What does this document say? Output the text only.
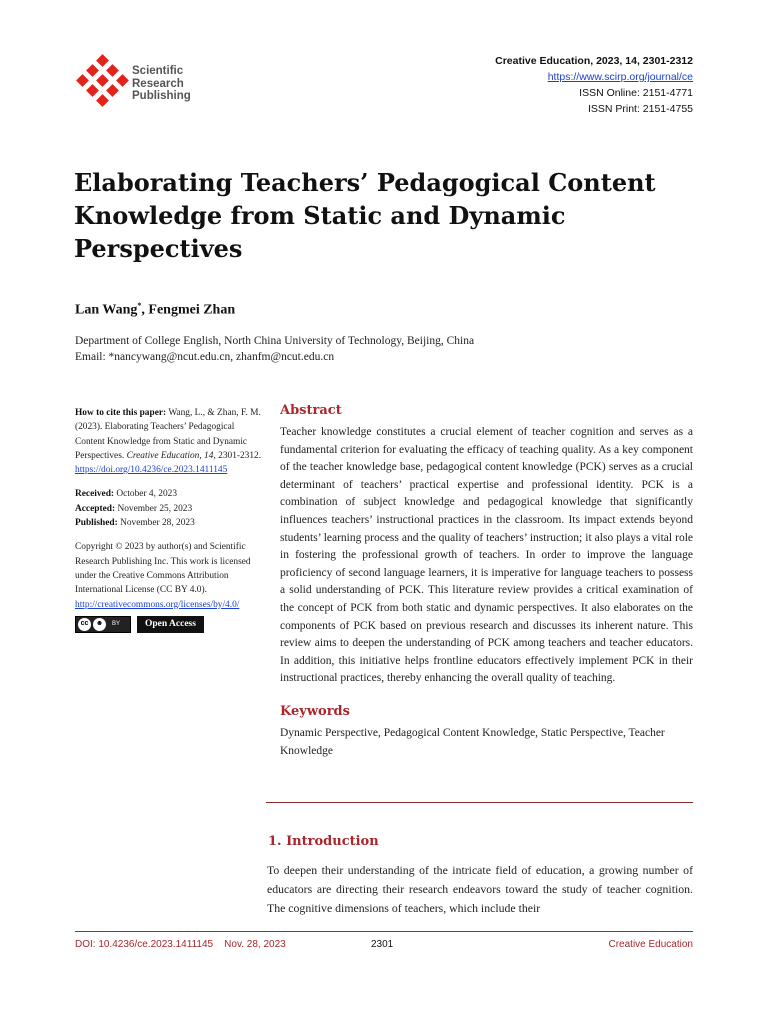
Scientific
Research
Publishing
Creative Education, 2023, 14, 2301-2312
https://www.scirp.org/journal/ce
ISSN Online: 2151-4771
ISSN Print: 2151-4755
Elaborating Teachers’ Pedagogical Content Knowledge from Static and Dynamic Perspectives
Lan Wang*, Fengmei Zhan
Department of College English, North China University of Technology, Beijing, China
Email: *nancywang@ncut.edu.cn, zhanfm@ncut.edu.cn
How to cite this paper: Wang, L., & Zhan, F. M. (2023). Elaborating Teachers’ Pedagogical Content Knowledge from Static and Dynamic Perspectives. Creative Education, 14, 2301-2312.
https://doi.org/10.4236/ce.2023.1411145
Received: October 4, 2023
Accepted: November 25, 2023
Published: November 28, 2023
Copyright © 2023 by author(s) and Scientific Research Publishing Inc. This work is licensed under the Creative Commons Attribution International License (CC BY 4.0).
http://creativecommons.org/licenses/by/4.0/
cc	☻	BY	Open Access
Abstract
Teacher knowledge constitutes a crucial element of teacher cognition and serves as a fundamental criterion for evaluating the efficacy of teaching quality. As a key component of the teacher knowledge base, pedagogical content knowledge (PCK) serves as a crucial determinant of teachers’ practical expertise and professional identity. PCK is a combination of subject knowledge and pedagogical knowledge that significantly influences teachers’ instructional practices in the classroom. Its impact extends beyond students’ learning process and the quality of teachers’ instruction; it also plays a vital role in fostering the professional growth of teachers. In order to improve the language proficiency of second language learners, it is imperative for language teachers to possess a solid understanding of PCK. This literature review provides a critical examination of the concept of PCK from both static and dynamic perspectives. It also elaborates on the components of PCK based on previous research and discusses its inherent nature. This review aims to deepen the understanding of PCK among teachers and teacher educators. In addition, this initiative helps frontline educators effectively implement PCK in their instructional practices, thereby enhancing the overall quality of teaching.
Keywords
Dynamic Perspective, Pedagogical Content Knowledge, Static Perspective, Teacher Knowledge
1. Introduction
To deepen their understanding of the intricate field of education, a growing number of educators are directing their research endeavors toward the study of teacher cognition. The cognitive dimensions of teachers, which include their
DOI: 10.4236/ce.2023.1411145    Nov. 28, 2023	2301	Creative Education
